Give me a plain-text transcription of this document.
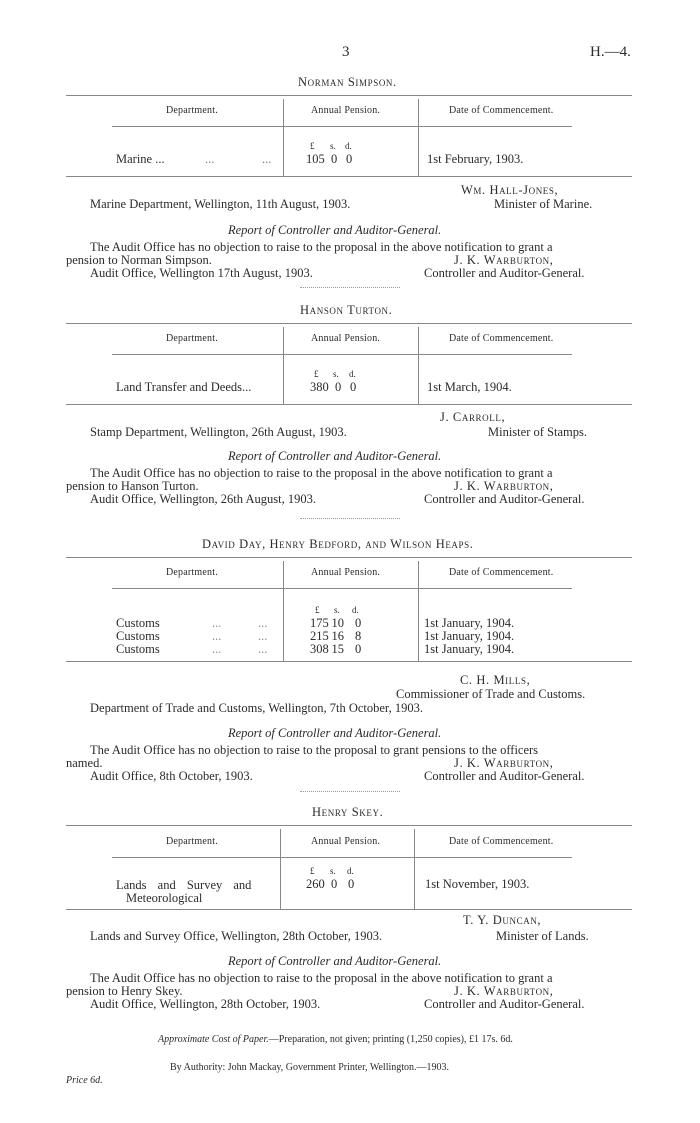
3	H.—4.
Norman Simpson.
Department.	Annual Pension.	Date of Commencement.
£ s. d.
Marine ...	...	...	105 0 0	1st February, 1903.
Wm. Hall-Jones,
Marine Department, Wellington, 11th August, 1903.	Minister of Marine.
Report of Controller and Auditor-General.
The Audit Office has no objection to raise to the proposal in the above notification to grant a
pension to Norman Simpson.	J. K. Warburton,
Audit Office, Wellington 17th August, 1903.	Controller and Auditor-General.
Hanson Turton.
Department.	Annual Pension.	Date of Commencement.
£ s. d.
Land Transfer and Deeds...	380 0 0	1st March, 1904.
J. Carroll,
Stamp Department, Wellington, 26th August, 1903.	Minister of Stamps.
Report of Controller and Auditor-General.
The Audit Office has no objection to raise to the proposal in the above notification to grant a
pension to Hanson Turton.	J. K. Warburton,
Audit Office, Wellington, 26th August, 1903.	Controller and Auditor-General.
David Day, Henry Bedford, and Wilson Heaps.
Department.	Annual Pension.	Date of Commencement.
£ s. d.
Customs	...	...	175 10 0	1st January, 1904.
Customs	...	...	215 16 8	1st January, 1904.
Customs	...	...	308 15 0	1st January, 1904.
C. H. Mills,
Commissioner of Trade and Customs.
Department of Trade and Customs, Wellington, 7th October, 1903.
Report of Controller and Auditor-General.
The Audit Office has no objection to raise to the proposal to grant pensions to the officers
named.	J. K. Warburton,
Audit Office, 8th October, 1903.	Controller and Auditor-General.
Henry Skey.
Department.	Annual Pension.	Date of Commencement.
£ s. d.
Lands and Survey and
Meteorological
260 0 0	1st November, 1903.
T. Y. Duncan,
Lands and Survey Office, Wellington, 28th October, 1903.	Minister of Lands.
Report of Controller and Auditor-General.
The Audit Office has no objection to raise to the proposal in the above notification to grant a
pension to Henry Skey.	J. K. Warburton,
Audit Office, Wellington, 28th October, 1903.	Controller and Auditor-General.
Approximate Cost of Paper.—Preparation, not given; printing (1,250 copies), £1 17s. 6d.
By Authority: John Mackay, Government Printer, Wellington.—1903.
Price 6d.
